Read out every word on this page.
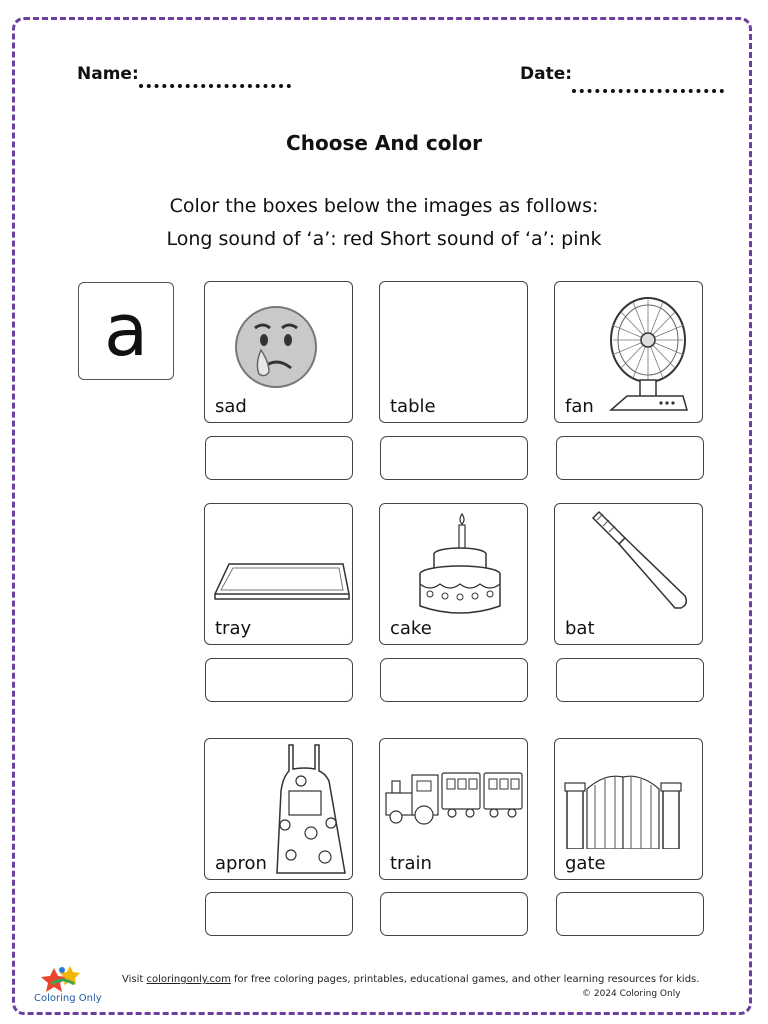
Name:	Date:
Choose And color
Color the boxes below the images as follows:
Long sound of ‘a’: red Short sound of ‘a’: pink
a
sad	table	fan
tray	cake	bat
apron	train	gate
Coloring Only
Visit coloringonly.com for free coloring pages, printables, educational games, and other learning resources for kids.
© 2024 Coloring Only
